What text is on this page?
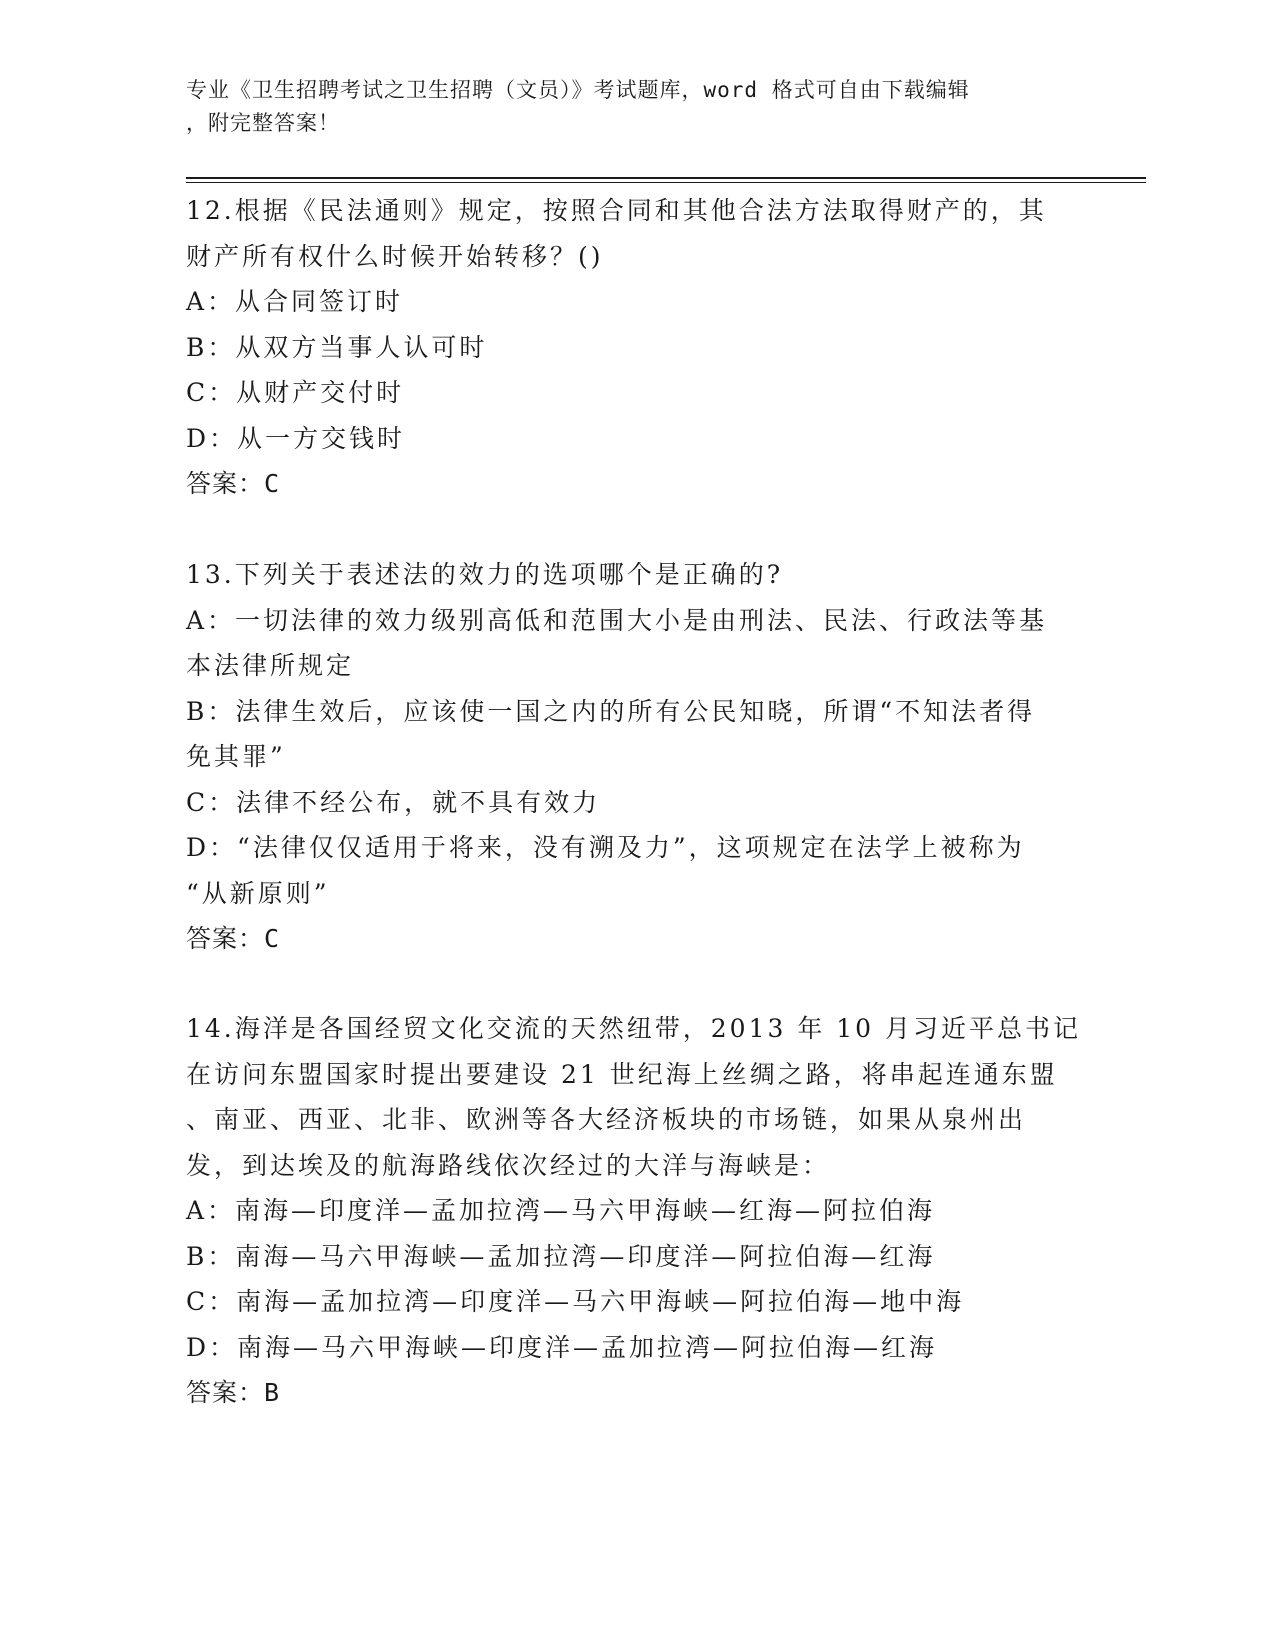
专业《卫生招聘考试之卫生招聘（文员）》考试题库，word 格式可自由下载编辑
，附完整答案！
12.根据《民法通则》规定，按照合同和其他合法方法取得财产的，其
财产所有权什么时候开始转移？()
A：从合同签订时
B：从双方当事人认可时
C：从财产交付时
D：从一方交钱时
答案：C
13.下列关于表述法的效力的选项哪个是正确的?
A：一切法律的效力级别高低和范围大小是由刑法、民法、行政法等基
本法律所规定
B：法律生效后，应该使一国之内的所有公民知晓，所谓“不知法者得
免其罪”
C：法律不经公布，就不具有效力
D：“法律仅仅适用于将来，没有溯及力”，这项规定在法学上被称为
“从新原则”
答案：C
14.海洋是各国经贸文化交流的天然纽带，2013 年 10 月习近平总书记
在访问东盟国家时提出要建设 21 世纪海上丝绸之路，将串起连通东盟
、南亚、西亚、北非、欧洲等各大经济板块的市场链，如果从泉州出
发，到达埃及的航海路线依次经过的大洋与海峡是：
A：南海—印度洋—孟加拉湾—马六甲海峡—红海—阿拉伯海
B：南海—马六甲海峡—孟加拉湾—印度洋—阿拉伯海—红海
C：南海—孟加拉湾—印度洋—马六甲海峡—阿拉伯海—地中海
D：南海—马六甲海峡—印度洋—孟加拉湾—阿拉伯海—红海
答案：B
